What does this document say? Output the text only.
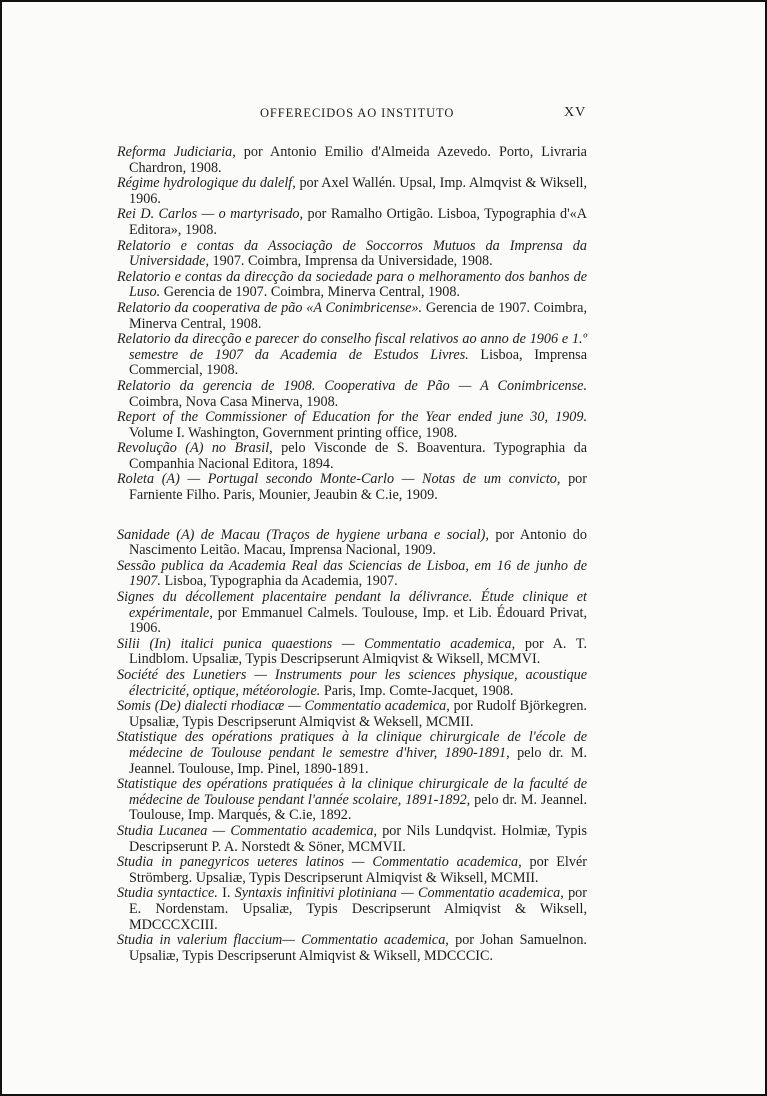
OFFERECIDOS AO INSTITUTO	XV

Reforma Judiciaria, por Antonio Emilio d'Almeida Azevedo. Porto, Livraria Chardron, 1908.

Régime hydrologique du dalelf, por Axel Wallén. Upsal, Imp. Almqvist & Wiksell, 1906.

Rei D. Carlos — o martyrisado, por Ramalho Ortigão. Lisboa, Typographia d'«A Editora», 1908.

Relatorio e contas da Associação de Soccorros Mutuos da Imprensa da Universidade, 1907. Coimbra, Imprensa da Universidade, 1908.

Relatorio e contas da direcção da sociedade para o melhoramento dos banhos de Luso. Gerencia de 1907. Coimbra, Minerva Central, 1908.

Relatorio da cooperativa de pão «A Conimbricense». Gerencia de 1907. Coimbra, Minerva Central, 1908.

Relatorio da direcção e parecer do conselho fiscal relativos ao anno de 1906 e 1.º semestre de 1907 da Academia de Estudos Livres. Lisboa, Imprensa Commercial, 1908.

Relatorio da gerencia de 1908. Cooperativa de Pão — A Conimbricense. Coimbra, Nova Casa Minerva, 1908.

Report of the Commissioner of Education for the Year ended june 30, 1909. Volume I. Washington, Government printing office, 1908.

Revolução (A) no Brasil, pelo Visconde de S. Boaventura. Typographia da Companhia Nacional Editora, 1894.

Roleta (A) — Portugal secondo Monte-Carlo — Notas de um convicto, por Farniente Filho. Paris, Mounier, Jeaubin & C.ie, 1909.

Sanidade (A) de Macau (Traços de hygiene urbana e social), por Antonio do Nascimento Leitão. Macau, Imprensa Nacional, 1909.

Sessão publica da Academia Real das Sciencias de Lisboa, em 16 de junho de 1907. Lisboa, Typographia da Academia, 1907.

Signes du décollement placentaire pendant la délivrance. Étude clinique et expérimentale, por Emmanuel Calmels. Toulouse, Imp. et Lib. Édouard Privat, 1906.

Silii (In) italici punica quaestions — Commentatio academica, por A. T. Lindblom. Upsaliæ, Typis Descripserunt Almiqvist & Wiksell, MCMVI.

Société des Lunetiers — Instruments pour les sciences physique, acoustique électricité, optique, météorologie. Paris, Imp. Comte-Jacquet, 1908.

Somis (De) dialecti rhodiacæ — Commentatio academica, por Rudolf Björkegren. Upsaliæ, Typis Descripserunt Almiqvist & Weksell, MCMII.

Statistique des opérations pratiques à la clinique chirurgicale de l'école de médecine de Toulouse pendant le semestre d'hiver, 1890-1891, pelo dr. M. Jeannel. Toulouse, Imp. Pinel, 1890-1891.

Statistique des opérations pratiquées à la clinique chirurgicale de la faculté de médecine de Toulouse pendant l'année scolaire, 1891-1892, pelo dr. M. Jeannel. Toulouse, Imp. Marqués, & C.ie, 1892.

Studia Lucanea — Commentatio academica, por Nils Lundqvist. Holmiæ, Typis Descripserunt P. A. Norstedt & Söner, MCMVII.

Studia in panegyricos ueteres latinos — Commentatio academica, por Elvér Strömberg. Upsaliæ, Typis Descripserunt Almiqvist & Wiksell, MCMII.

Studia syntactice. I. Syntaxis infinitivi plotiniana — Commentatio academica, por E. Nordenstam. Upsaliæ, Typis Descripserunt Almiqvist & Wiksell, MDCCCXCIII.

Studia in valerium flaccium— Commentatio academica, por Johan Samuelnon. Upsaliæ, Typis Descripserunt Almiqvist & Wiksell, MDCCCIC.
